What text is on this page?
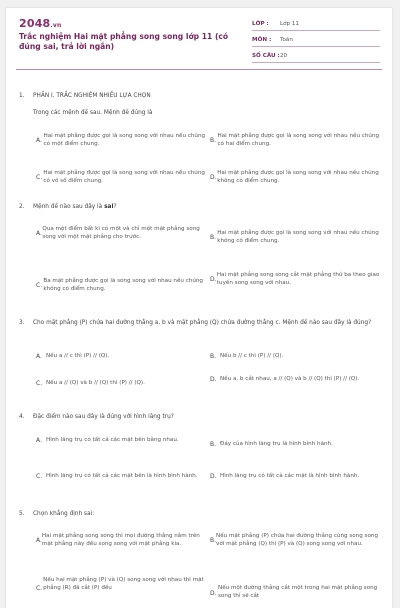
2048.vn
Trắc nghiệm Hai mặt phẳng song song lớp 11 (có đúng sai, trả lời ngắn)
LỚP :	Lớp 11
MÔN :	Toán
SỐ CÂU : 20
1.	PHẦN I. TRẮC NGHIỆM NHIỀU LỰA CHỌN
Trong các mệnh đề sau. Mệnh đề đúng là
A.
Hai mặt phẳng được gọi là song song với nhau nếu chúng có một điểm chung.
B.
Hai mặt phẳng được gọi là song song với nhau nếu chúng có hai điểm chung.
C.
Hai mặt phẳng được gọi là song song với nhau nếu chúng có vô số điểm chung.
D.
Hai mặt phẳng được gọi là song song với nhau nếu chúng không có điểm chung.
2.	Mệnh đề nào sau đây là sai?
A.
Qua một điểm bất kì có một và chỉ một mặt phẳng song song với một mặt phẳng cho trước.	B.
Hai mặt phẳng được gọi là song song với nhau nếu chúng không có điểm chung.
C.
Ba mặt phẳng được gọi là song song với nhau nếu chúng không có điểm chung.
D.
Hai mặt phẳng song song cắt mặt phẳng thứ ba theo giao tuyến song song với nhau.
3.	Cho mặt phẳng (P) chứa hai đường thẳng a, b và mặt phẳng (Q) chứa đường thẳng c. Mệnh đề nào sau đây là đúng?
A. Nếu a // c thì (P) // (Q).	B. Nếu b // c thì (P) // (Q).
C. Nếu a // (Q) và b // (Q) thì (P) // (Q).
D. Nếu a, b cắt nhau, a // (Q) và b // (Q) thì (P) // (Q).
4.	Đặc điểm nào sau đây là đúng với hình lăng trụ?
A. Hình lăng trụ có tất cả các mặt bên bằng nhau.
B. Đáy của hình lăng trụ là hình bình hành.
C. Hình lăng trụ có tất cả các mặt bên là hình bình hành. D. Hình lăng trụ có tất cả các mặt là hình bình hành.
5.	Chọn khẳng định sai:
A.
Hai mặt phẳng song song thì mọi đường thẳng nằm trên mặt phẳng này đều song song với mặt phẳng kia.
B.
Nếu mặt phẳng (P) chứa hai đường thẳng cùng song song với mặt phẳng (Q) thì (P) và (Q) song song với nhau.
C.
Nếu hai mặt phẳng (P) và (Q) song song với nhau thì mặt phẳng (R) đã cắt (P) đều
D.
Nếu một đường thẳng cắt một trong hai mặt phẳng song song thì sẽ cắt
